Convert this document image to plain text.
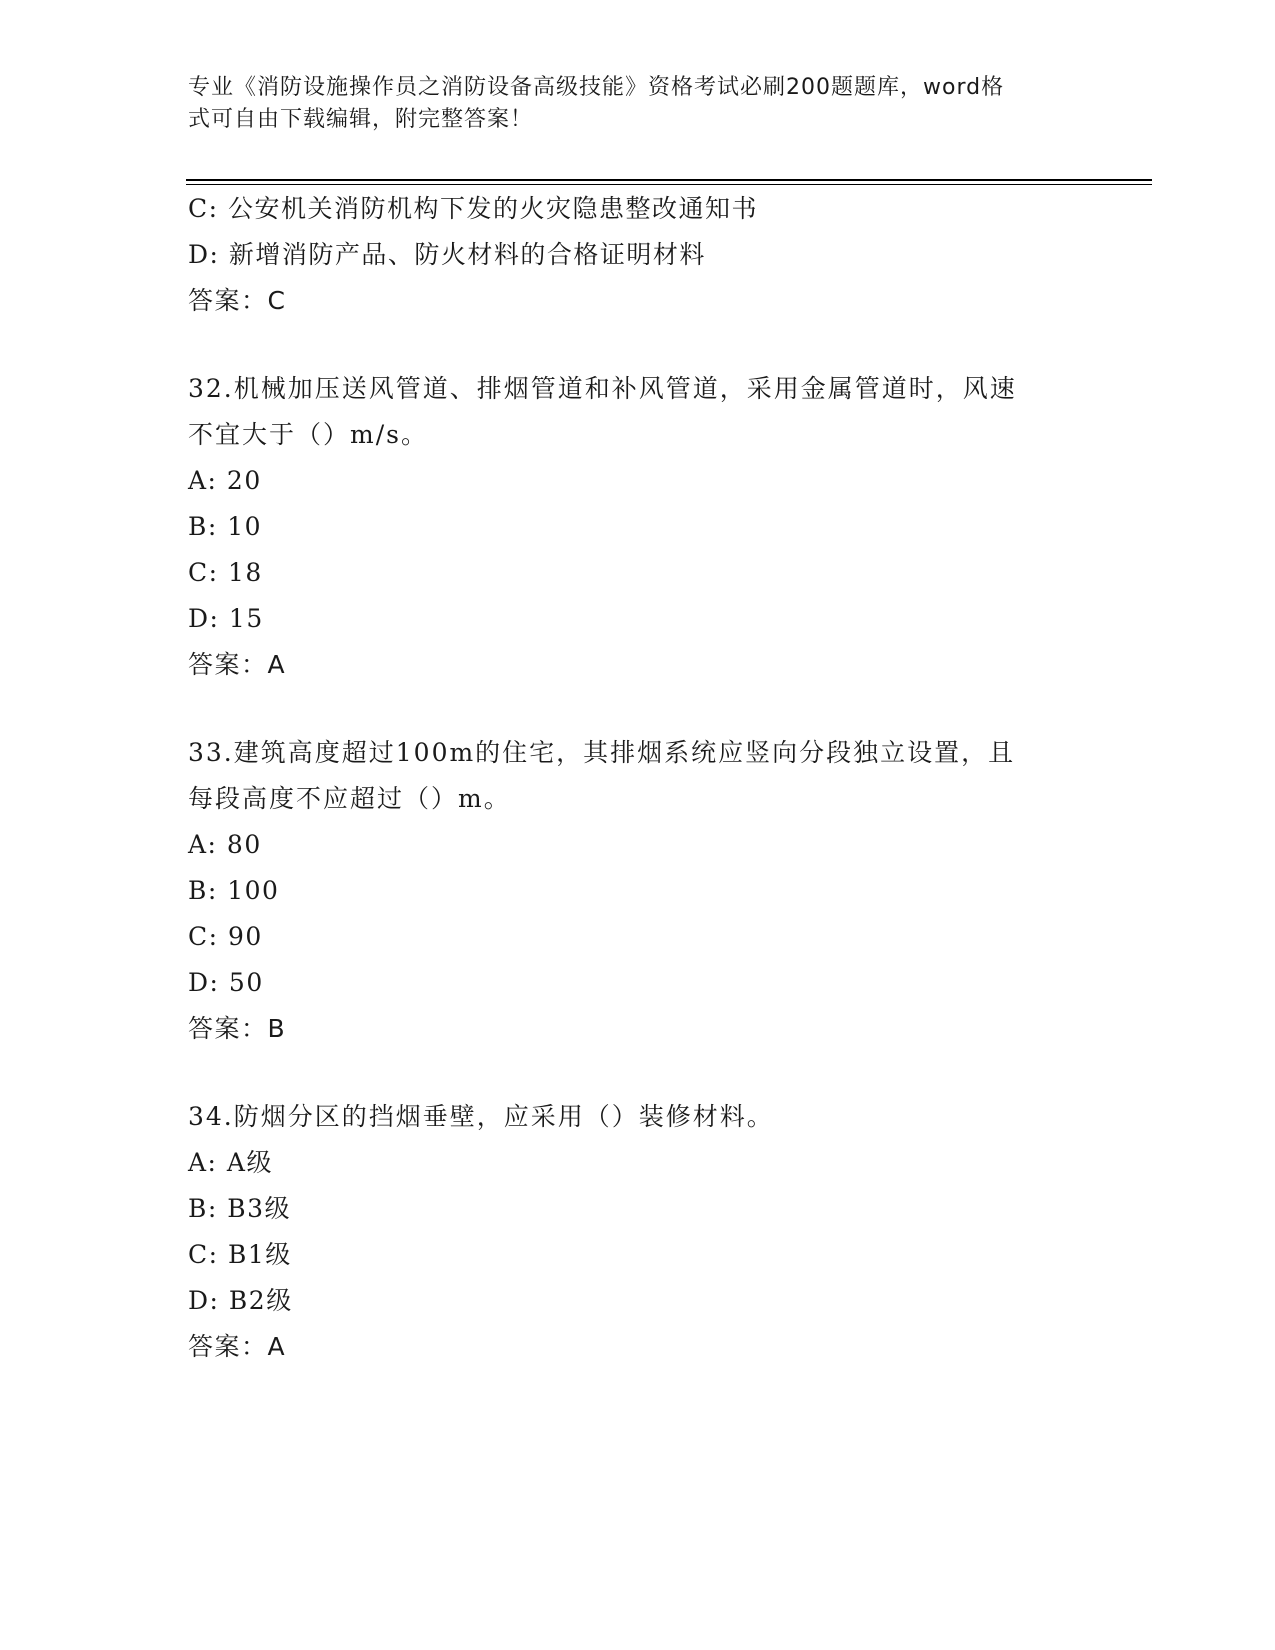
专业《消防设施操作员之消防设备高级技能》资格考试必刷200题题库，word格
式可自由下载编辑，附完整答案！
C: 公安机关消防机构下发的火灾隐患整改通知书
D: 新增消防产品、防火材料的合格证明材料
答案：C
32.机械加压送风管道、排烟管道和补风管道，采用金属管道时，风速
不宜大于（）m/s。
A: 20
B: 10
C: 18
D: 15
答案：A
33.建筑高度超过100m的住宅，其排烟系统应竖向分段独立设置，且
每段高度不应超过（）m。
A: 80
B: 100
C: 90
D: 50
答案：B
34.防烟分区的挡烟垂壁，应采用（）装修材料。
A: A级
B: B3级
C: B1级
D: B2级
答案：A
